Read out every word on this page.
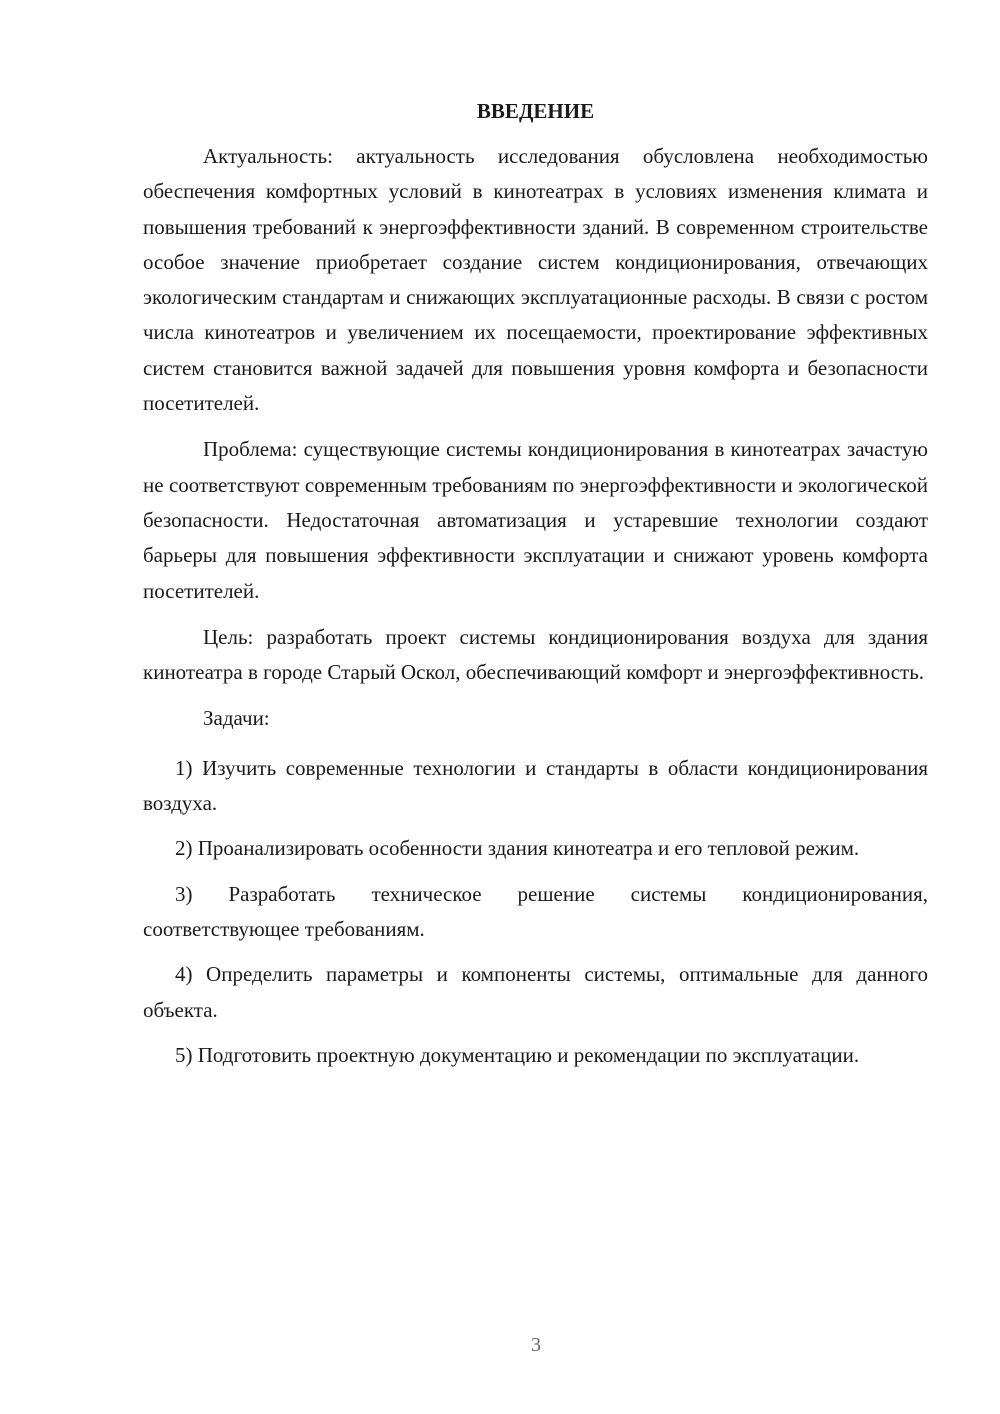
ВВЕДЕНИЕ

Актуальность: актуальность исследования обусловлена необходимостью обеспечения комфортных условий в кинотеатрах в условиях изменения климата и повышения требований к энергоэффективности зданий. В современном строительстве особое значение приобретает создание систем кондиционирования, отвечающих экологическим стандартам и снижающих эксплуатационные расходы. В связи с ростом числа кинотеатров и увеличением их посещаемости, проектирование эффективных систем становится важной задачей для повышения уровня комфорта и безопасности посетителей.

Проблема: существующие системы кондиционирования в кинотеатрах зачастую не соответствуют современным требованиям по энергоэффективности и экологической безопасности. Недостаточная автоматизация и устаревшие технологии создают барьеры для повышения эффективности эксплуатации и снижают уровень комфорта посетителей.

Цель: разработать проект системы кондиционирования воздуха для здания кинотеатра в городе Старый Оскол, обеспечивающий комфорт и энергоэффективность.

Задачи:

1) Изучить современные технологии и стандарты в области кондиционирования воздуха.

2) Проанализировать особенности здания кинотеатра и его тепловой режим.

3) Разработать техническое решение системы кондиционирования, соответствующее требованиям.

4) Определить параметры и компоненты системы, оптимальные для данного объекта.

5) Подготовить проектную документацию и рекомендации по эксплуатации.

3
